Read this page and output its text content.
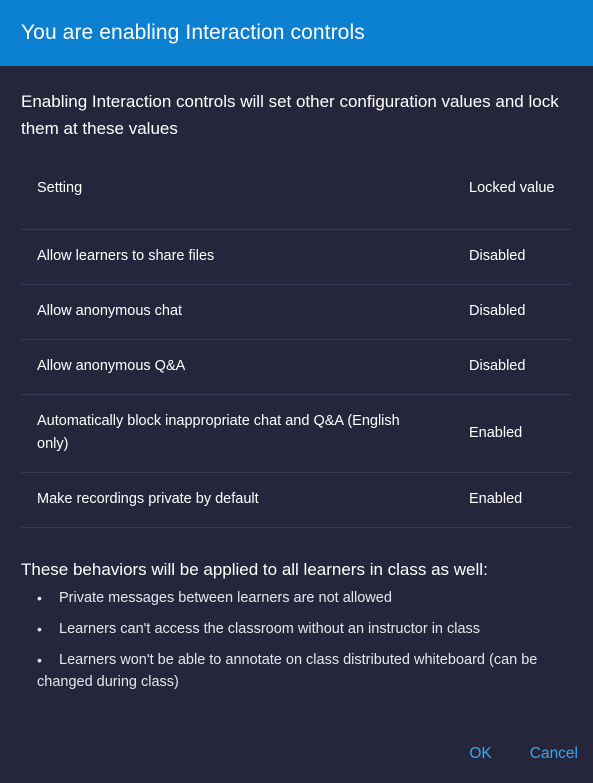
You are enabling Interaction controls
Enabling Interaction controls will set other configuration values and lock them at these values
Setting	Locked value
Allow learners to share files	Disabled
Allow anonymous chat	Disabled
Allow anonymous Q&A	Disabled
Automatically block inappropriate chat and Q&A (English only)	Enabled
Make recordings private by default	Enabled
These behaviors will be applied to all learners in class as well:
• Private messages between learners are not allowed
• Learners can't access the classroom without an instructor in class
• Learners won't be able to annotate on class distributed whiteboard (can be changed during class)
OK Cancel
